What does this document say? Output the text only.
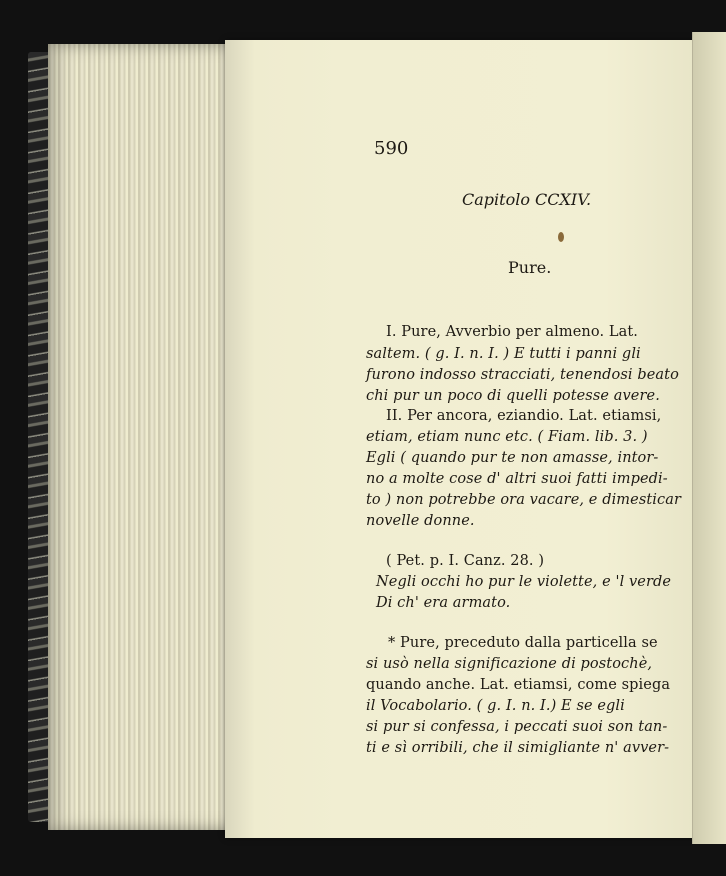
590
Capitolo CCXIV.
Pure.
I. Pure, Avverbio per almeno. Lat.
saltem. ( g. I. n. I. ) E tutti i panni gli
furono indosso stracciati, tenendosi beato
chi pur un poco di quelli potesse avere.
II. Per ancora, eziandio. Lat. etiamsi,
etiam, etiam nunc etc. ( Fiam. lib. 3. )
Egli ( quando pur te non amasse, intor-
no a molte cose d' altri suoi fatti impedi-
to ) non potrebbe ora vacare, e dimesticar
novelle donne.
( Pet. p. I. Canz. 28. )
Negli occhi ho pur le violette, e 'l verde
Di ch' era armato.
* Pure, preceduto dalla particella se
si usò nella significazione di postochè,
quando anche. Lat. etiamsi, come spiega
il Vocabolario. ( g. I. n. I.) E se egli
si pur si confessa, i peccati suoi son tan-
ti e sì orribili, che il simigliante n' avver-
